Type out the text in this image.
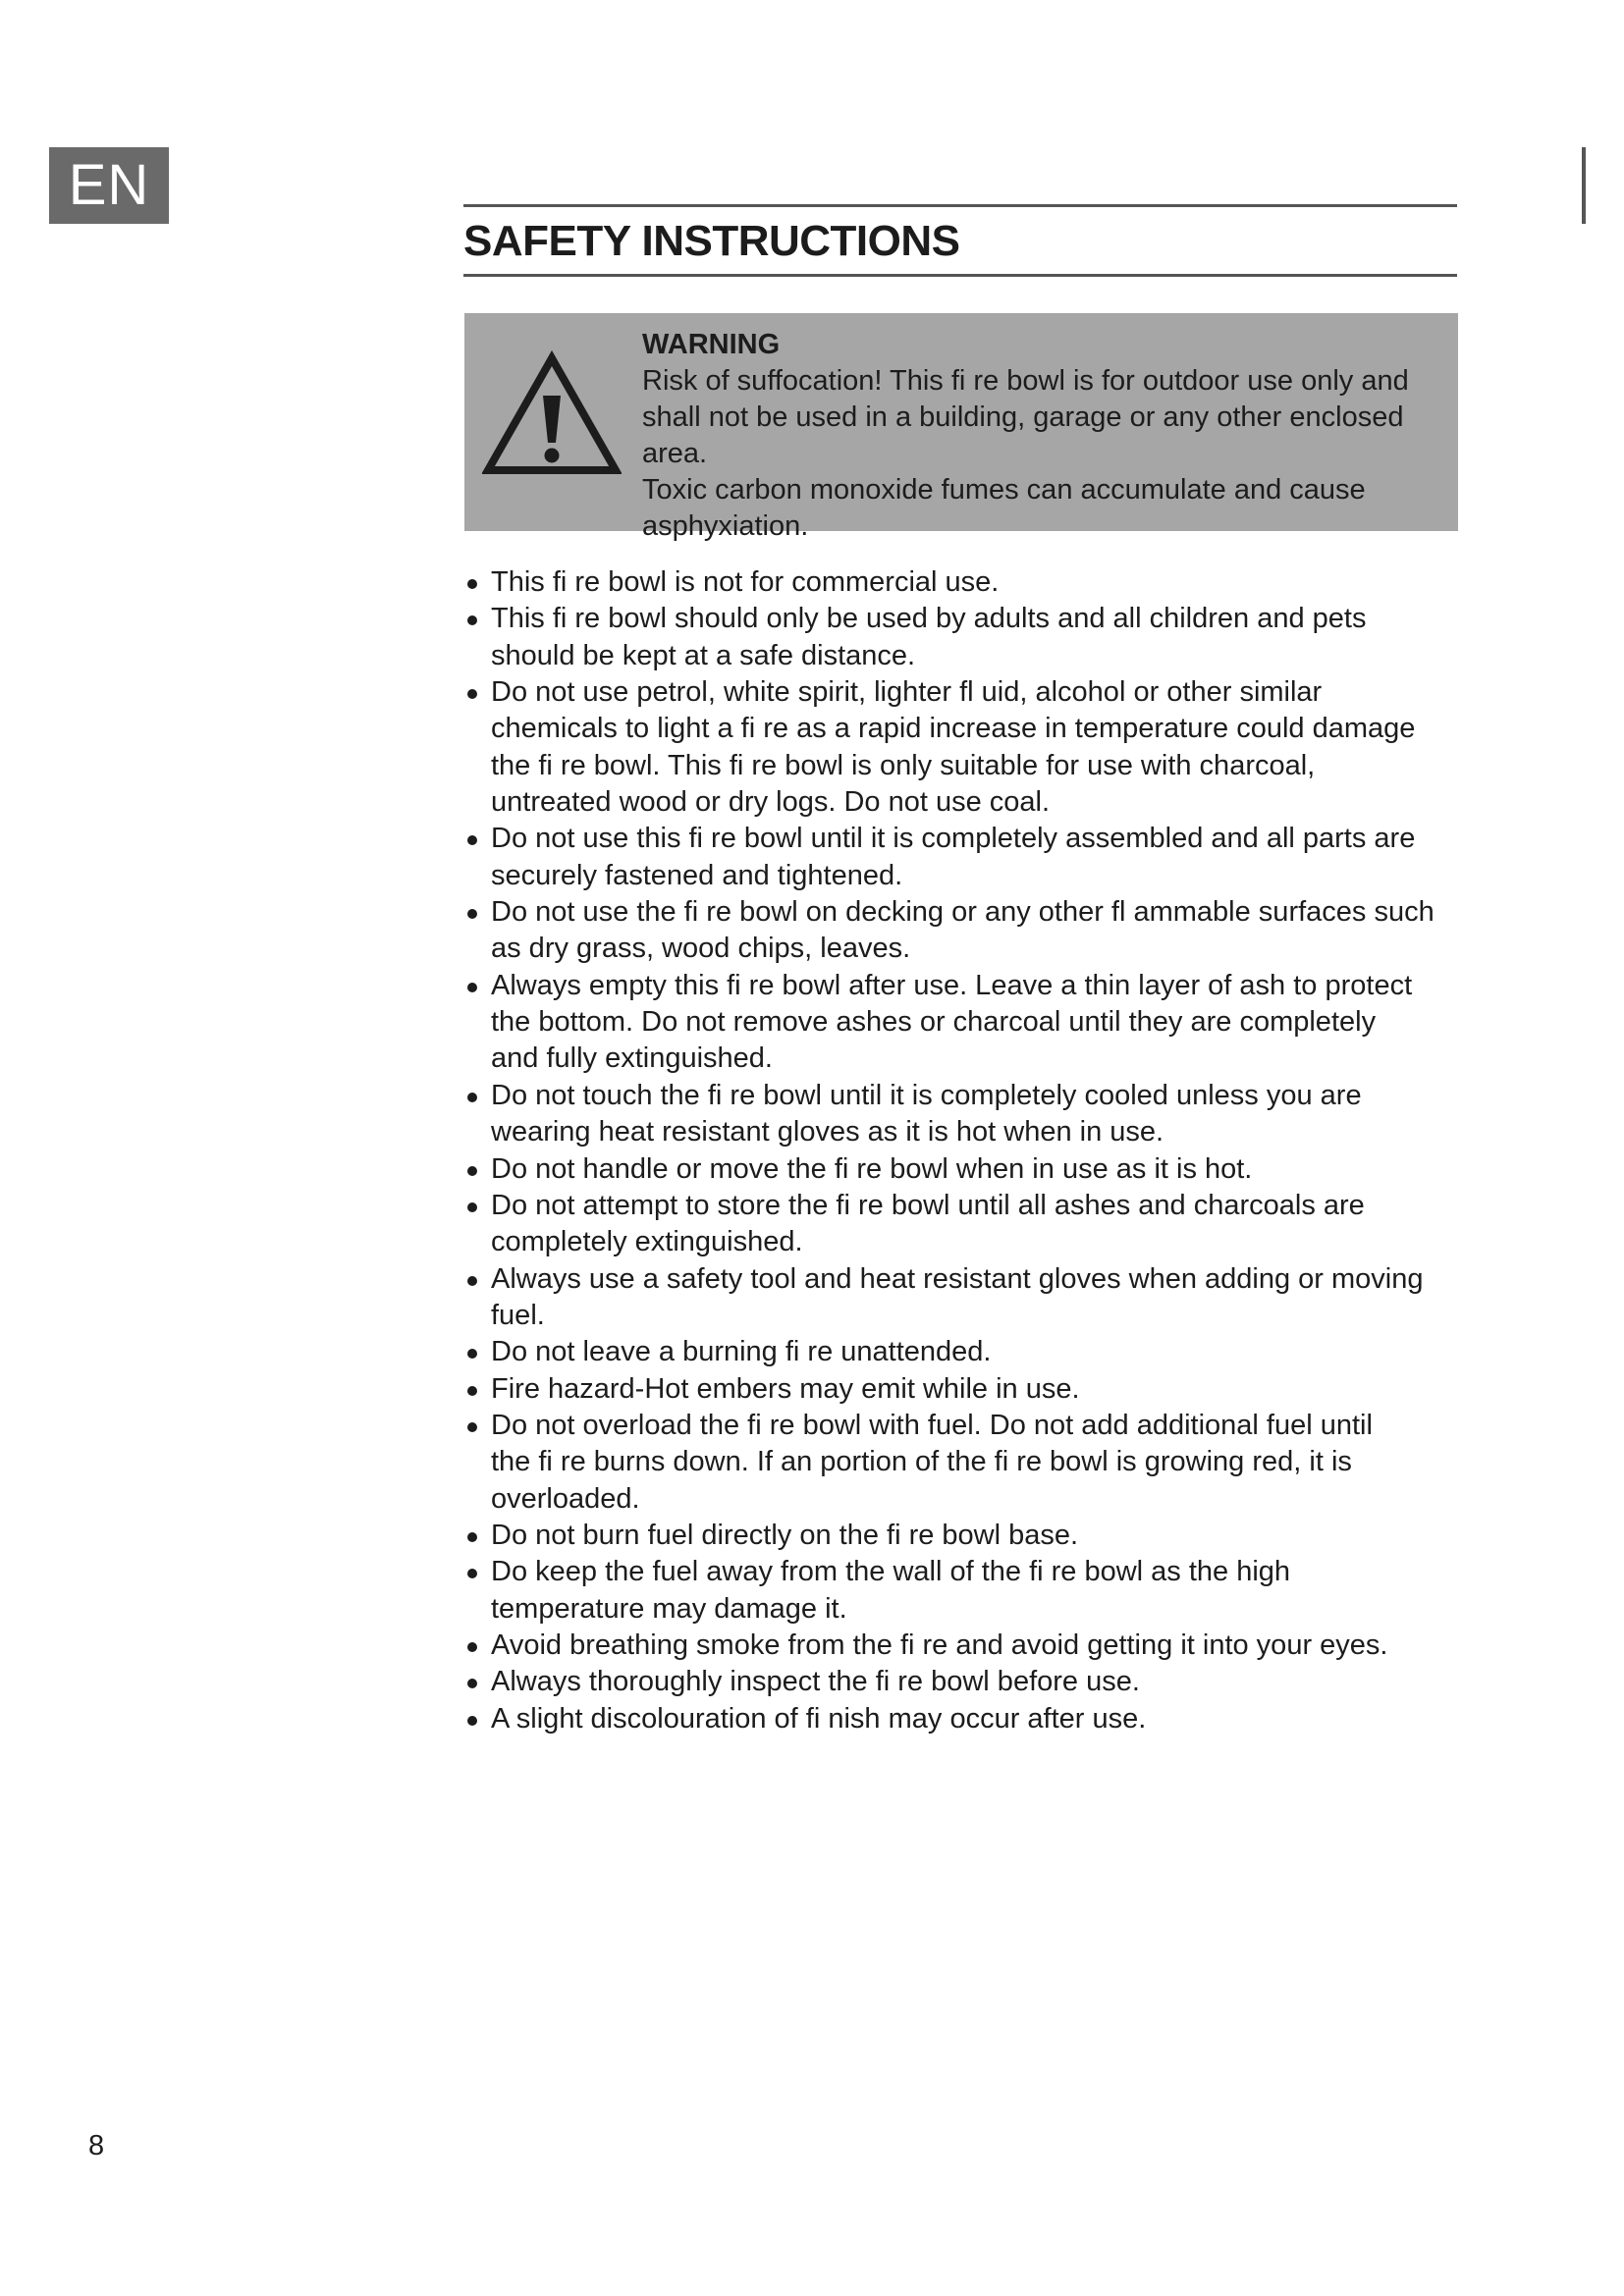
EN
SAFETY INSTRUCTIONS
WARNING
Risk of suffocation! This fi re bowl is for outdoor use only and
shall not be used in a building, garage or any other enclosed area.
Toxic carbon monoxide fumes can accumulate and cause
asphyxiation.
This fi re bowl is not for commercial use.
This fi re bowl should only be used by adults and all children and pets
should be kept at a safe distance.
Do not use petrol, white spirit, lighter fl uid, alcohol or other similar
chemicals to light a fi re as a rapid increase in temperature could damage
the fi re bowl. This fi re bowl is only suitable for use with charcoal,
untreated wood or dry logs. Do not use coal.
Do not use this fi re bowl until it is completely assembled and all parts are
securely fastened and tightened.
Do not use the fi re bowl on decking or any other fl ammable surfaces such
as dry grass, wood chips, leaves.
Always empty this fi re bowl after use. Leave a thin layer of ash to protect
the bottom. Do not remove ashes or charcoal until they are completely
and fully extinguished.
Do not touch the fi re bowl until it is completely cooled unless you are
wearing heat resistant gloves as it is hot when in use.
Do not handle or move the fi re bowl when in use as it is hot.
Do not attempt to store the fi re bowl until all ashes and charcoals are
completely extinguished.
Always use a safety tool and heat resistant gloves when adding or moving fuel.
Do not leave a burning fi re unattended.
Fire hazard-Hot embers may emit while in use.
Do not overload the fi re bowl with fuel. Do not add additional fuel until
the fi re burns down. If an portion of the fi re bowl is growing red, it is
overloaded.
Do not burn fuel directly on the fi re bowl base.
Do keep the fuel away from the wall of the fi re bowl as the high
temperature may damage it.
Avoid breathing smoke from the fi re and avoid getting it into your eyes.
Always thoroughly inspect the fi re bowl before use.
A slight discolouration of fi nish may occur after use.
8
